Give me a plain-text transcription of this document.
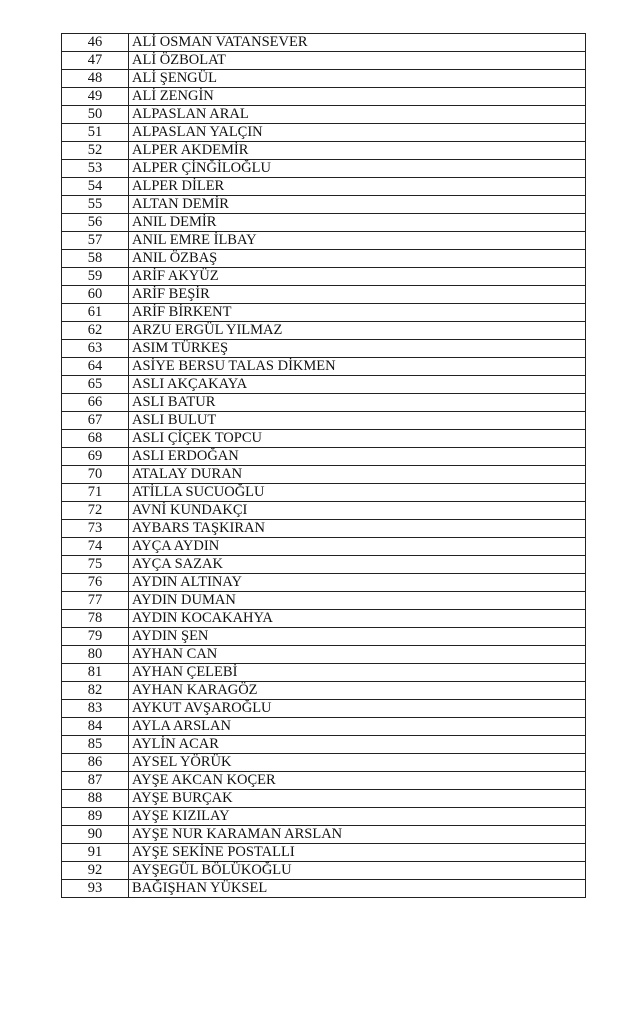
46	ALİ OSMAN VATANSEVER
47	ALİ ÖZBOLAT
48	ALİ ŞENGÜL
49	ALİ ZENGİN
50	ALPASLAN ARAL
51	ALPASLAN YALÇIN
52	ALPER AKDEMİR
53	ALPER ÇİNĞİLOĞLU
54	ALPER DİLER
55	ALTAN DEMİR
56	ANIL DEMİR
57	ANIL EMRE İLBAY
58	ANIL ÖZBAŞ
59	ARİF AKYÜZ
60	ARİF BEŞİR
61	ARİF BİRKENT
62	ARZU ERGÜL YILMAZ
63	ASIM TÜRKEŞ
64	ASİYE BERSU TALAS DİKMEN
65	ASLI AKÇAKAYA
66	ASLI BATUR
67	ASLI BULUT
68	ASLI ÇİÇEK TOPCU
69	ASLI ERDOĞAN
70	ATALAY DURAN
71	ATİLLA SUCUOĞLU
72	AVNİ KUNDAKÇI
73	AYBARS TAŞKIRAN
74	AYÇA AYDIN
75	AYÇA SAZAK
76	AYDIN ALTINAY
77	AYDIN DUMAN
78	AYDIN KOCAKAHYA
79	AYDIN ŞEN
80	AYHAN CAN
81	AYHAN ÇELEBİ
82	AYHAN KARAGÖZ
83	AYKUT AVŞAROĞLU
84	AYLA ARSLAN
85	AYLİN ACAR
86	AYSEL YÖRÜK
87	AYŞE AKCAN KOÇER
88	AYŞE BURÇAK
89	AYŞE KIZILAY
90	AYŞE NUR KARAMAN ARSLAN
91	AYŞE SEKİNE POSTALLI
92	AYŞEGÜL BÖLÜKOĞLU
93	BAĞIŞHAN YÜKSEL
